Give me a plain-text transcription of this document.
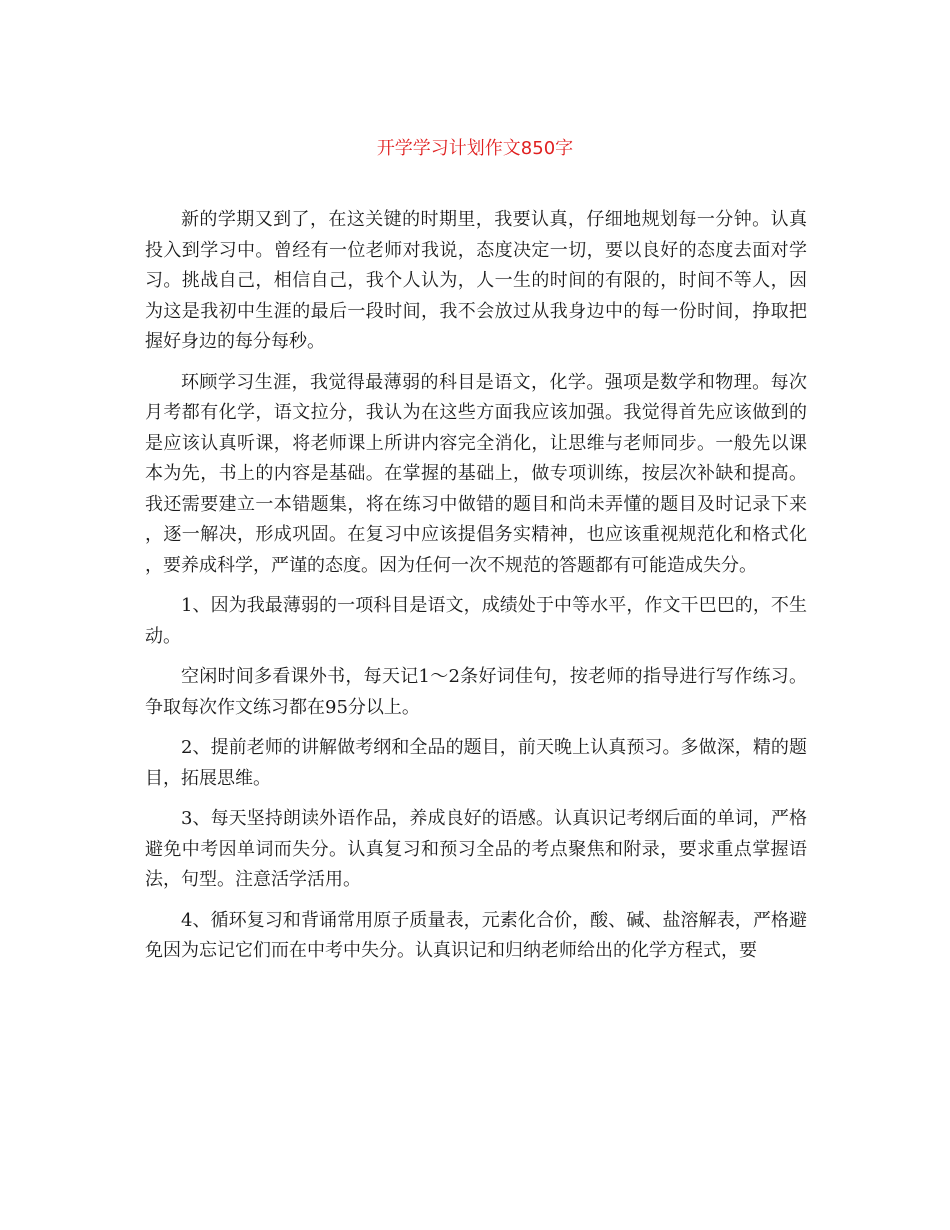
开学学习计划作文850字

新的学期又到了，在这关键的时期里，我要认真，仔细地规划每一分钟。认真投入到学习中。曾经有一位老师对我说，态度决定一切，要以良好的态度去面对学习。挑战自己，相信自己，我个人认为，人一生的时间的有限的，时间不等人，因为这是我初中生涯的最后一段时间，我不会放过从我身边中的每一份时间，挣取把握好身边的每分每秒。

环顾学习生涯，我觉得最薄弱的科目是语文，化学。强项是数学和物理。每次月考都有化学，语文拉分，我认为在这些方面我应该加强。我觉得首先应该做到的是应该认真听课，将老师课上所讲内容完全消化，让思维与老师同步。一般先以课本为先，书上的内容是基础。在掌握的基础上，做专项训练，按层次补缺和提高。我还需要建立一本错题集，将在练习中做错的题目和尚未弄懂的题目及时记录下来，逐一解决，形成巩固。在复习中应该提倡务实精神，也应该重视规范化和格式化，要养成科学，严谨的态度。因为任何一次不规范的答题都有可能造成失分。

1、因为我最薄弱的一项科目是语文，成绩处于中等水平，作文干巴巴的，不生动。

空闲时间多看课外书，每天记1～2条好词佳句，按老师的指导进行写作练习。争取每次作文练习都在95分以上。

2、提前老师的讲解做考纲和全品的题目，前天晚上认真预习。多做深，精的题目，拓展思维。

3、每天坚持朗读外语作品，养成良好的语感。认真识记考纲后面的单词，严格避免中考因单词而失分。认真复习和预习全品的考点聚焦和附录，要求重点掌握语法，句型。注意活学活用。

4、循环复习和背诵常用原子质量表，元素化合价，酸、碱、盐溶解表，严格避免因为忘记它们而在中考中失分。认真识记和归纳老师给出的化学方程式，要
